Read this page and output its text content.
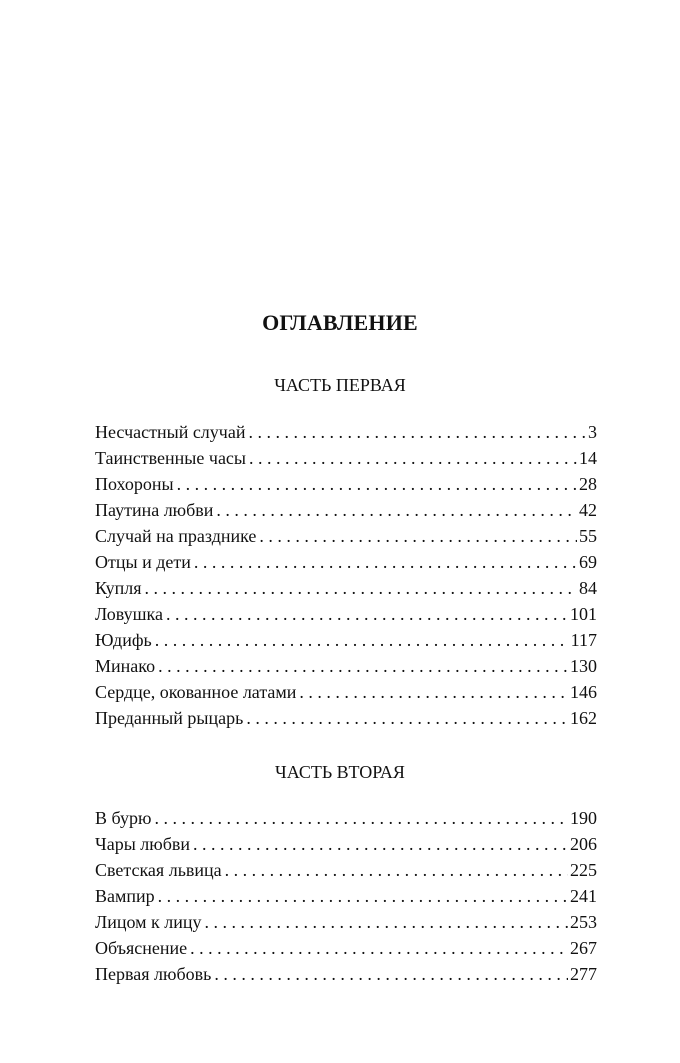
ОГЛАВЛЕНИЕ
ЧАСТЬ ПЕРВАЯ
Несчастный случай . . .	3
Таинственные часы . . .	14
Похороны . . .	28
Паутина любви . . .	42
Случай на празднике . . .	55
Отцы и дети . . .	69
Купля . . .	84
Ловушка . . .	101
Юдифь . . .	117
Минако . . .	130
Сердце, окованное латами . . .	146
Преданный рыцарь . . .	162
ЧАСТЬ ВТОРАЯ
В бурю . . .	190
Чары любви . . .	206
Светская львица . . .	225
Вампир . . .	241
Лицом к лицу . . .	253
Объяснение . . .	267
Первая любовь . . .	277
